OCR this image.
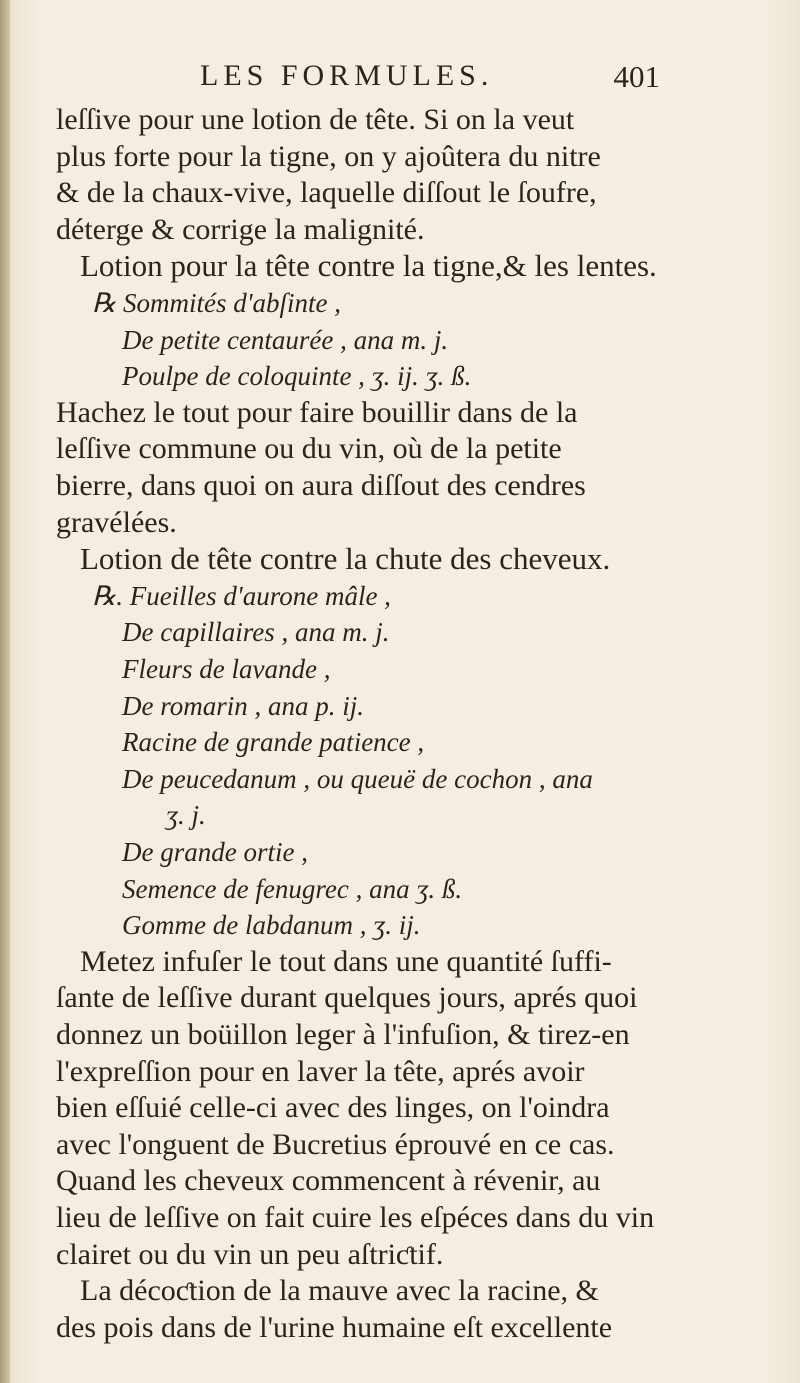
LES FORMULES.	401
leſſive pour une lotion de tête. Si on la veut
plus forte pour la tigne, on y ajoûtera du nitre
& de la chaux-vive, laquelle diſſout le ſoufre,
déterge & corrige la malignité.
Lotion pour la tête contre la tigne,& les lentes.
℞ Sommités d'abſinte ,
De petite centaurée , ana m. j.
Poulpe de coloquinte , ʒ. ij. ʒ. ß.
Hachez le tout pour faire bouillir dans de la
leſſive commune ou du vin, où de la petite
bierre, dans quoi on aura diſſout des cendres
gravélées.
Lotion de tête contre la chute des cheveux.
℞. Fueilles d'aurone mâle ,
De capillaires , ana m. j.
Fleurs de lavande ,
De romarin , ana p. ij.
Racine de grande patience ,
De peucedanum , ou queuë de cochon , ana
ʒ. j.
De grande ortie ,
Semence de fenugrec , ana ʒ. ß.
Gomme de labdanum , ʒ. ij.
Metez infuſer le tout dans une quantité ſuffi-
ſante de leſſive durant quelques jours, aprés quoi
donnez un boüillon leger à l'infuſion, & tirez-en
l'expreſſion pour en laver la tête, aprés avoir
bien eſſuié celle-ci avec des linges, on l'oindra
avec l'onguent de Bucretius éprouvé en ce cas.
Quand les cheveux commencent à révenir, au
lieu de leſſive on fait cuire les eſpéces dans du vin
clairet ou du vin un peu aſtriƈtif.
La décoƈtion de la mauve avec la racine, &
des pois dans de l'urine humaine eſt excellente
